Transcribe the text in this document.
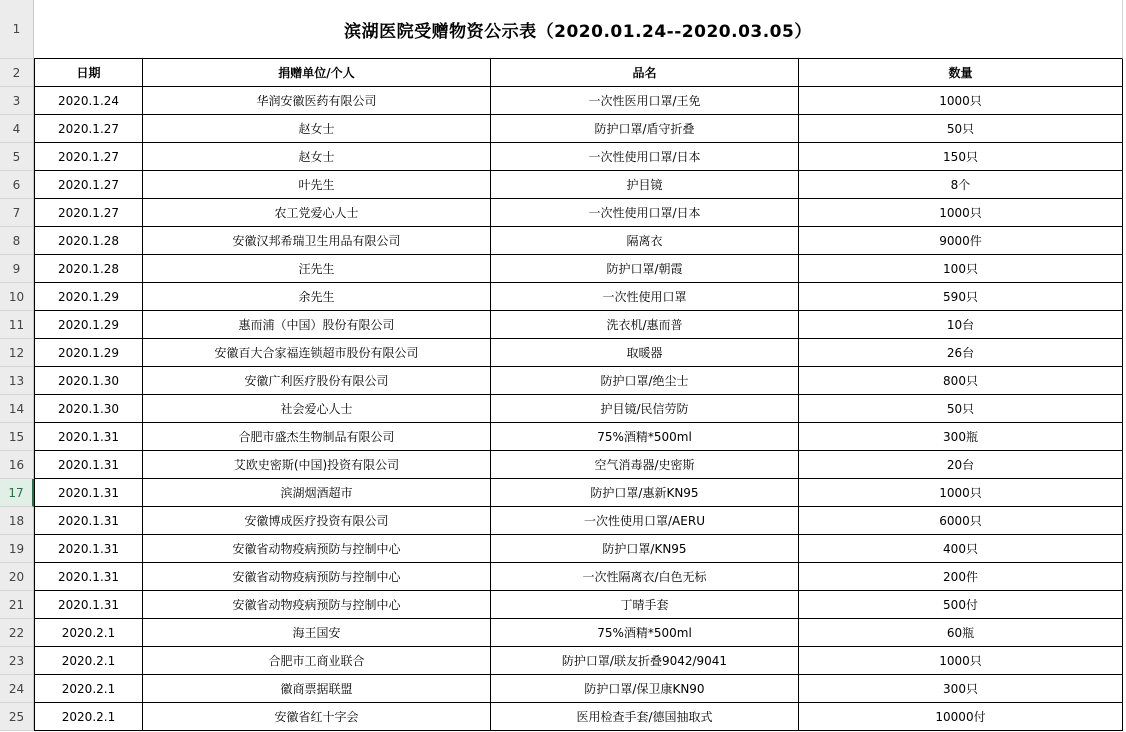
1	滨湖医院受赠物资公示表（2020.01.24--2020.03.05）
2	日期	捐赠单位/个人	品名	数量
3	2020.1.24	华润安徽医药有限公司	一次性医用口罩/王免	1000只
4	2020.1.27	赵女士	防护口罩/盾守折叠	50只
5	2020.1.27	赵女士	一次性使用口罩/日本	150只
6	2020.1.27	叶先生	护目镜	8个
7	2020.1.27	农工党爱心人士	一次性使用口罩/日本	1000只
8	2020.1.28	安徽汉邦希瑞卫生用品有限公司	隔离衣	9000件
9	2020.1.28	汪先生	防护口罩/朝霞	100只
10	2020.1.29	余先生	一次性使用口罩	590只
11	2020.1.29	惠而浦（中国）股份有限公司	洗衣机/惠而普	10台
12	2020.1.29	安徽百大合家福连锁超市股份有限公司	取暖器	26台
13	2020.1.30	安徽广利医疗股份有限公司	防护口罩/绝尘士	800只
14	2020.1.30	社会爱心人士	护目镜/民信劳防	50只
15	2020.1.31	合肥市盛杰生物制品有限公司	75%酒精*500ml	300瓶
16	2020.1.31	艾欧史密斯(中国)投资有限公司	空气消毒器/史密斯	20台
17	2020.1.31	滨湖烟酒超市	防护口罩/惠新KN95	1000只
18	2020.1.31	安徽博成医疗投资有限公司	一次性使用口罩/AERU	6000只
19	2020.1.31	安徽省动物疫病预防与控制中心	防护口罩/KN95	400只
20	2020.1.31	安徽省动物疫病预防与控制中心	一次性隔离衣/白色无标	200件
21	2020.1.31	安徽省动物疫病预防与控制中心	丁晴手套	500付
22	2020.2.1	海王国安	75%酒精*500ml	60瓶
23	2020.2.1	合肥市工商业联合	防护口罩/联友折叠9042/9041	1000只
24	2020.2.1	徽商票据联盟	防护口罩/保卫康KN90	300只
25	2020.2.1	安徽省红十字会	医用检查手套/德国抽取式	10000付
